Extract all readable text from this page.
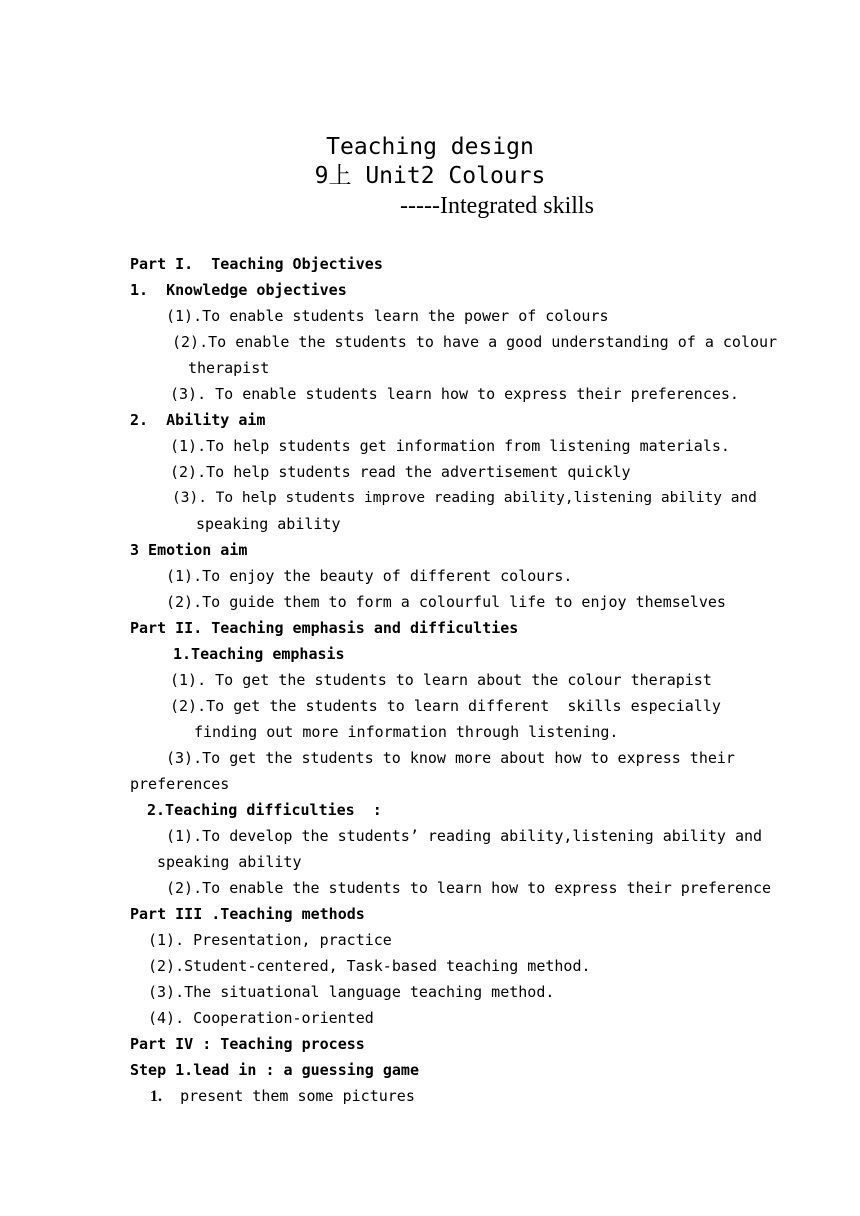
Teaching design
9上 Unit2 Colours
-----Integrated skills
Part I.  Teaching Objectives
1.  Knowledge objectives
(1).To enable students learn the power of colours
(2).To enable the students to have a good understanding of a colour
therapist
(3). To enable students learn how to express their preferences.
2.  Ability aim
(1).To help students get information from listening materials.
(2).To help students read the advertisement quickly
(3). To help students improve reading ability,listening ability and
speaking ability
3 Emotion aim
(1).To enjoy the beauty of different colours.
(2).To guide them to form a colourful life to enjoy themselves
Part II. Teaching emphasis and difficulties
1.Teaching emphasis
(1). To get the students to learn about the colour therapist
(2).To get the students to learn different  skills especially
finding out more information through listening.
(3).To get the students to know more about how to express their
preferences
2.Teaching difficulties  :
(1).To develop the students’ reading ability,listening ability and
speaking ability
(2).To enable the students to learn how to express their preference
Part III .Teaching methods
(1). Presentation, practice
(2).Student-centered, Task-based teaching method.
(3).The situational language teaching method.
(4). Cooperation-oriented
Part IV : Teaching process
Step 1.lead in : a guessing game
1. present them some pictures
